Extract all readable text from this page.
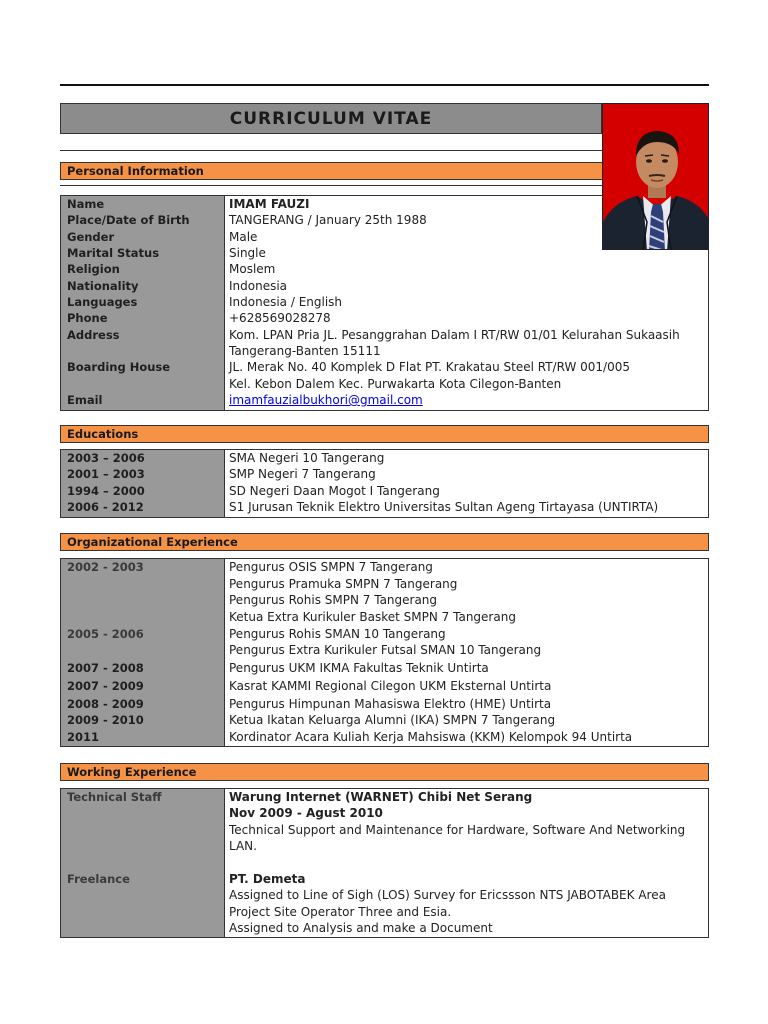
CURRICULUM VITAE
Personal Information
Name	IMAM FAUZI
Place/Date of Birth	TANGERANG / January 25th 1988
Gender	Male
Marital Status	Single
Religion	Moslem
Nationality	Indonesia
Languages	Indonesia / English
Phone	+628569028278
Address	Kom. LPAN Pria JL. Pesanggrahan Dalam I RT/RW 01/01 Kelurahan Sukaasih
Tangerang-Banten 15111
Boarding House	JL. Merak No. 40 Komplek D Flat PT. Krakatau Steel RT/RW 001/005
Kel. Kebon Dalem Kec. Purwakarta Kota Cilegon-Banten
Email	imamfauzialbukhori@gmail.com
Educations
2003 – 2006	SMA Negeri 10 Tangerang
2001 – 2003	SMP Negeri 7 Tangerang
1994 – 2000	SD Negeri Daan Mogot I Tangerang
2006 - 2012	S1 Jurusan Teknik Elektro Universitas Sultan Ageng Tirtayasa (UNTIRTA)
Organizational Experience
2002 - 2003	Pengurus OSIS SMPN 7 Tangerang
Pengurus Pramuka SMPN 7 Tangerang
Pengurus Rohis SMPN 7 Tangerang
Ketua Extra Kurikuler Basket SMPN 7 Tangerang
2005 - 2006	Pengurus Rohis SMAN 10 Tangerang
Pengurus Extra Kurikuler Futsal SMAN 10 Tangerang
2007 - 2008	Pengurus UKM IKMA Fakultas Teknik Untirta
2007 - 2009	Kasrat KAMMI Regional Cilegon UKM Eksternal Untirta
2008 - 2009	Pengurus Himpunan Mahasiswa Elektro (HME) Untirta
2009 - 2010	Ketua Ikatan Keluarga Alumni (IKA) SMPN 7 Tangerang
2011	Kordinator Acara Kuliah Kerja Mahsiswa (KKM) Kelompok 94 Untirta
Working Experience
Technical Staff	Warung Internet (WARNET) Chibi Net Serang
Nov 2009 - Agust 2010
Technical Support and Maintenance for Hardware, Software And Networking
LAN.
Freelance	PT. Demeta
Assigned to Line of Sigh (LOS) Survey for Ericssson NTS JABOTABEK Area
Project Site Operator Three and Esia.
Assigned to Analysis and make a Document
